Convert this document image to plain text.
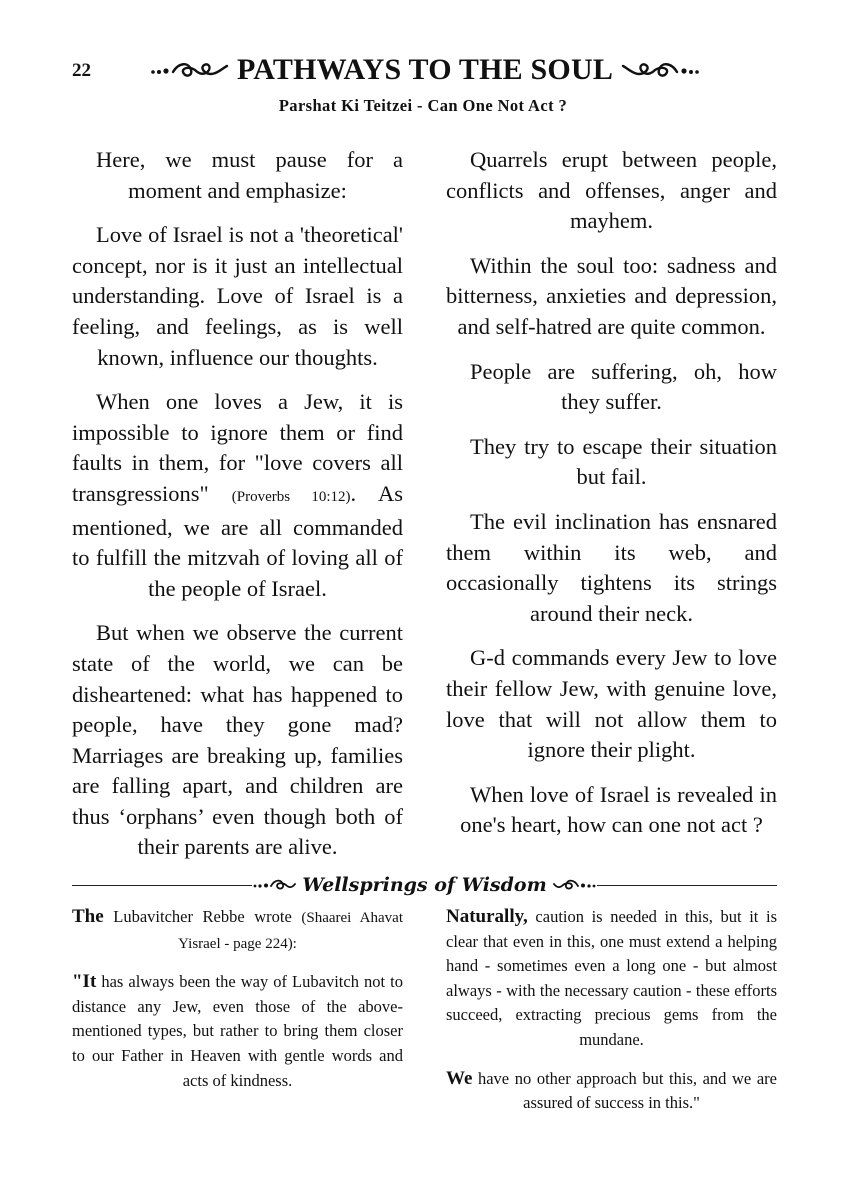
22	PATHWAYS TO THE SOUL
Parshat Ki Teitzei - Can One Not Act ?

Here, we must pause for a moment and emphasize:

Love of Israel is not a 'theoretical' concept, nor is it just an intellectual understanding. Love of Israel is a feeling, and feelings, as is well known, influence our thoughts.

When one loves a Jew, it is impossible to ignore them or find faults in them, for "love covers all transgressions" (Proverbs 10:12). As mentioned, we are all commanded to fulfill the mitzvah of loving all of the people of Israel.

But when we observe the current state of the world, we can be disheartened: what has happened to people, have they gone mad? Marriages are breaking up, families are falling apart, and children are thus ‘orphans’ even though both of their parents are alive.

Quarrels erupt between people, conflicts and offenses, anger and mayhem.

Within the soul too: sadness and bitterness, anxieties and depression, and self-hatred are quite common.

People are suffering, oh, how they suffer.

They try to escape their situation but fail.

The evil inclination has ensnared them within its web, and occasionally tightens its strings around their neck.

G-d commands every Jew to love their fellow Jew, with genuine love, love that will not allow them to ignore their plight.

When love of Israel is revealed in one's heart, how can one not act ?

Wellsprings of Wisdom

The Lubavitcher Rebbe wrote (Shaarei Ahavat Yisrael - page 224):

"It has always been the way of Lubavitch not to distance any Jew, even those of the above-mentioned types, but rather to bring them closer to our Father in Heaven with gentle words and acts of kindness.

Naturally, caution is needed in this, but it is clear that even in this, one must extend a helping hand - sometimes even a long one - but almost always - with the necessary caution - these efforts succeed, extracting precious gems from the mundane.

We have no other approach but this, and we are assured of success in this."
